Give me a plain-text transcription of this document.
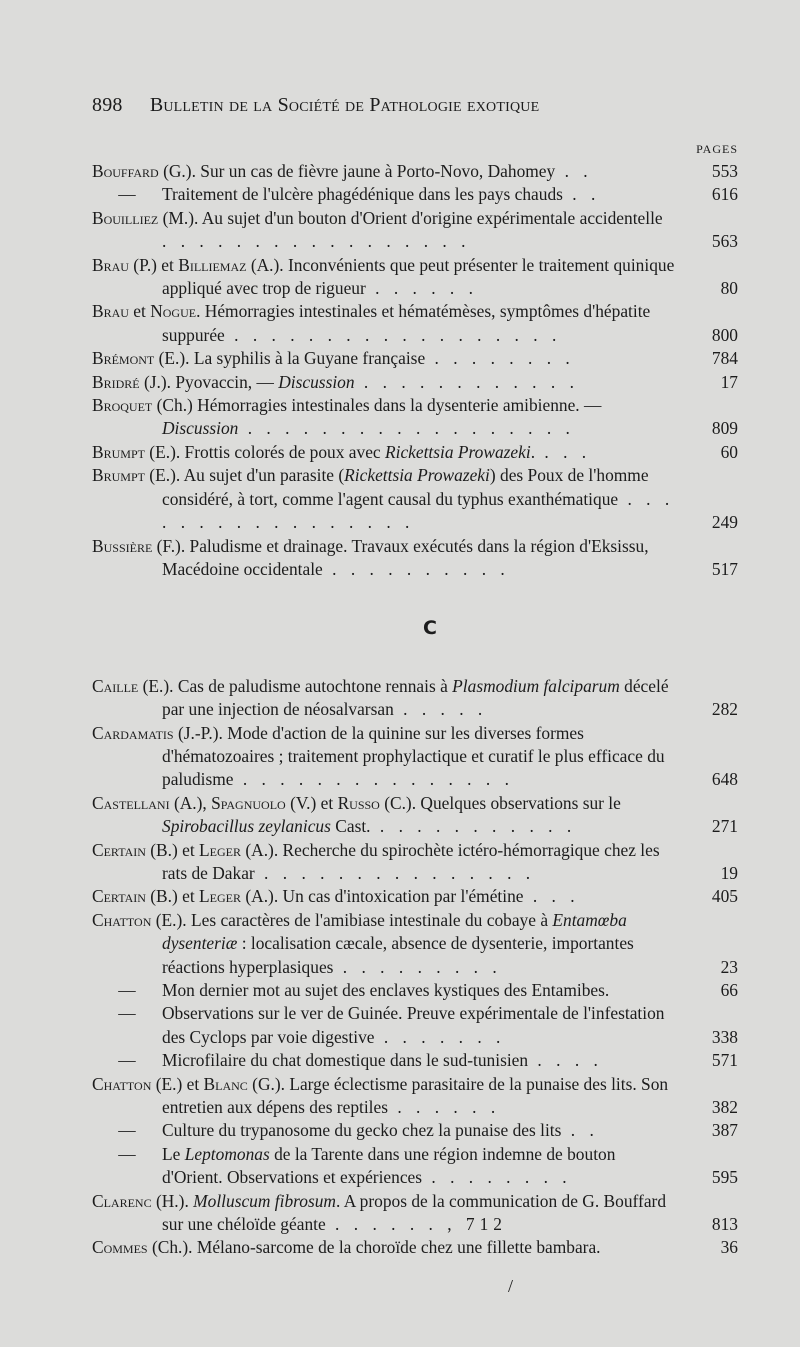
898 Bulletin de la Société de Pathologie exotique
PAGES
Bouffard (G.). Sur un cas de fièvre jaune à Porto-Novo, Dahomey . .	553
— Traitement de l'ulcère phagédénique dans les pays chauds . .	616
Bouilliez (M.). Au sujet d'un bouton d'Orient d'origine expérimentale accidentelle . . . . . . . . . . . . . . . . .	563
Brau (P.) et Billiemaz (A.). Inconvénients que peut présenter le traitement quinique appliqué avec trop de rigueur . . . . . .	80
Brau et Nogue. Hémorragies intestinales et hématémèses, symptômes d'hépatite suppurée . . . . . . . . . . . . . . . . . .	800
Brémont (E.). La syphilis à la Guyane française . . . . . . . .	784
Bridré (J.). Pyovaccin, — Discussion . . . . . . . . . . . .	17
Broquet (Ch.) Hémorragies intestinales dans la dysenterie amibienne. — Discussion . . . . . . . . . . . . . . . . . .	809
Brumpt (E.). Frottis colorés de poux avec Rickettsia Prowazeki. . . .	60
Brumpt (E.). Au sujet d'un parasite (Rickettsia Prowazeki) des Poux de l'homme considéré, à tort, comme l'agent causal du typhus exanthématique . . . . . . . . . . . . . . . . .	249
Bussière (F.). Paludisme et drainage. Travaux exécutés dans la région d'Eksissu, Macédoine occidentale . . . . . . . . . .	517
C
Caille (E.). Cas de paludisme autochtone rennais à Plasmodium falciparum décelé par une injection de néosalvarsan . . . . .	282
Cardamatis (J.-P.). Mode d'action de la quinine sur les diverses formes d'hématozoaires ; traitement prophylactique et curatif le plus efficace du paludisme . . . . . . . . . . . . . . .	648
Castellani (A.), Spagnuolo (V.) et Russo (C.). Quelques observations sur le Spirobacillus zeylanicus Cast. . . . . . . . . . . .	271
Certain (B.) et Leger (A.). Recherche du spirochète ictéro-hémorragique chez les rats de Dakar . . . . . . . . . . . . . . .	19
Certain (B.) et Leger (A.). Un cas d'intoxication par l'émétine . . .	405
Chatton (E.). Les caractères de l'amibiase intestinale du cobaye à Entamœba dysenteriæ : localisation cæcale, absence de dysenterie, importantes réactions hyperplasiques . . . . . . . . .	23
— Mon dernier mot au sujet des enclaves kystiques des Entamibes.	66
— Observations sur le ver de Guinée. Preuve expérimentale de l'infestation des Cyclops par voie digestive . . . . . . .	338
— Microfilaire du chat domestique dans le sud-tunisien . . . .	571
Chatton (E.) et Blanc (G.). Large éclectisme parasitaire de la punaise des lits. Son entretien aux dépens des reptiles . . . . . .	382
— Culture du trypanosome du gecko chez la punaise des lits . .	387
— Le Leptomonas de la Tarente dans une région indemne de bouton d'Orient. Observations et expériences . . . . . . . .	595
Clarenc (H.). Molluscum fibrosum. A propos de la communication de G. Bouffard sur une chéloïde géante . . . . . . , 712	813
Commes (Ch.). Mélano-sarcome de la choroïde chez une fillette bambara.	36
/
